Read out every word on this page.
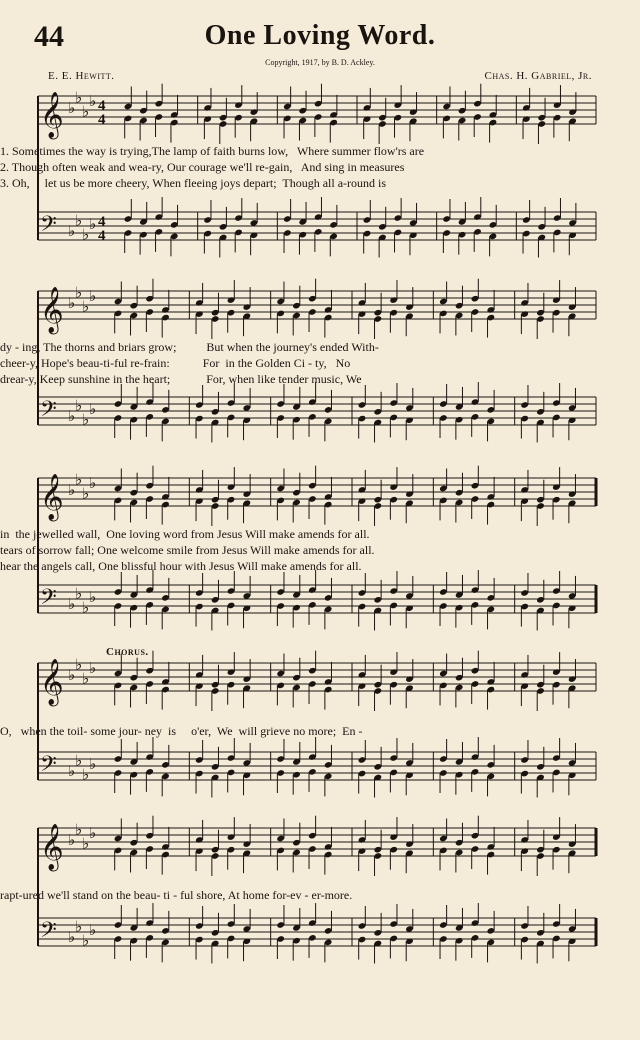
44	One Loving Word.
Copyright, 1917, by B. D. Ackley.
E. E. Hewitt.	Chas. H. Gabriel, Jr.
𝄞 ♭
♭
♭
♭
𝄢 ♭
♭
♭
♭
4
4
4
4
𝄞 ♭
♭
♭
♭
𝄢 ♭
♭
♭
♭
𝄞 ♭
♭
♭
♭
𝄢 ♭
♭
♭
♭
𝄞 ♭
♭
♭
♭
𝄢 ♭
♭
♭
♭
𝄞 ♭
♭
♭
♭
𝄢 ♭
♭
♭
♭
1. Sometimes the way is trying,The lamp of faith burns low,   Where summer flow'rs are
2. Though often weak and wea-ry, Our courage we'll re-gain,   And sing in measures
3. Oh,     let us be more cheery, When fleeing joys depart;  Though all a-round is
dy - ing, The thorns and briars grow;          But when the journey's ended With-
cheer-y, Hope's beau-ti-ful re-frain:           For  in the Golden Ci - ty,   No
drear-y, Keep sunshine in the heart;            For, when like tender music, We
in  the jewelled wall,  One loving word from Jesus Will make amends for all.
tears of sorrow fall; One welcome smile from Jesus Will make amends for all.
hear the angels call, One blissful hour with Jesus Will make amends for all.
Chorus.
O,   when the toil- some jour- ney  is     o'er,  We  will grieve no more;  En -
rapt-ured we'll stand on the beau- ti - ful shore, At home for-ev - er-more.
